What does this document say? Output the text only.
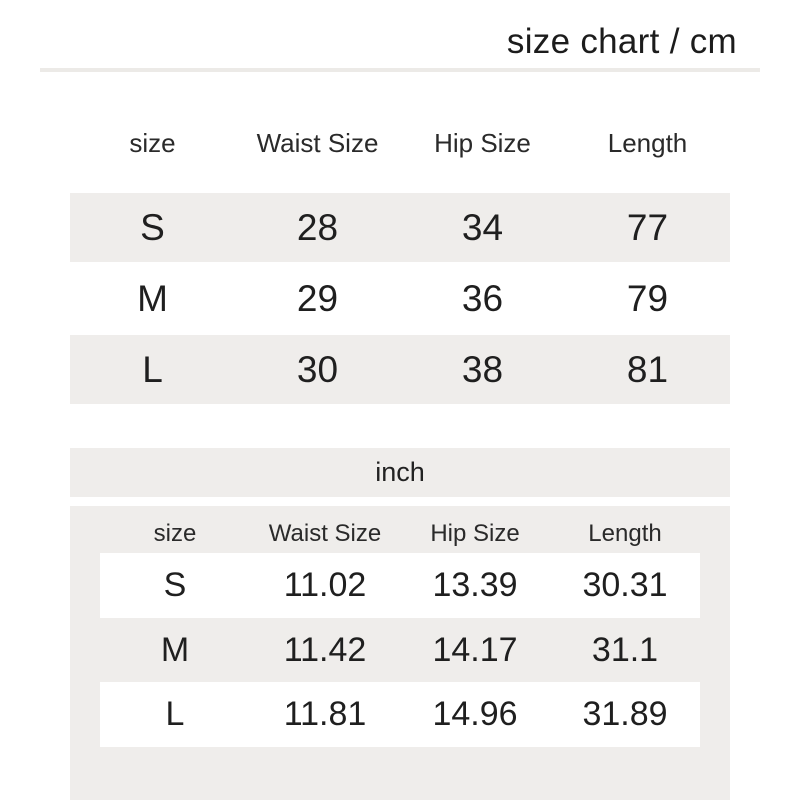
size chart / cm
size	Waist Size	Hip Size	Length
S	28	34	77
M	29	36	79
L	30	38	81
inch
size	Waist Size	Hip Size	Length
S	11.02	13.39	30.31
M	11.42	14.17	31.1
L	11.81	14.96	31.89
